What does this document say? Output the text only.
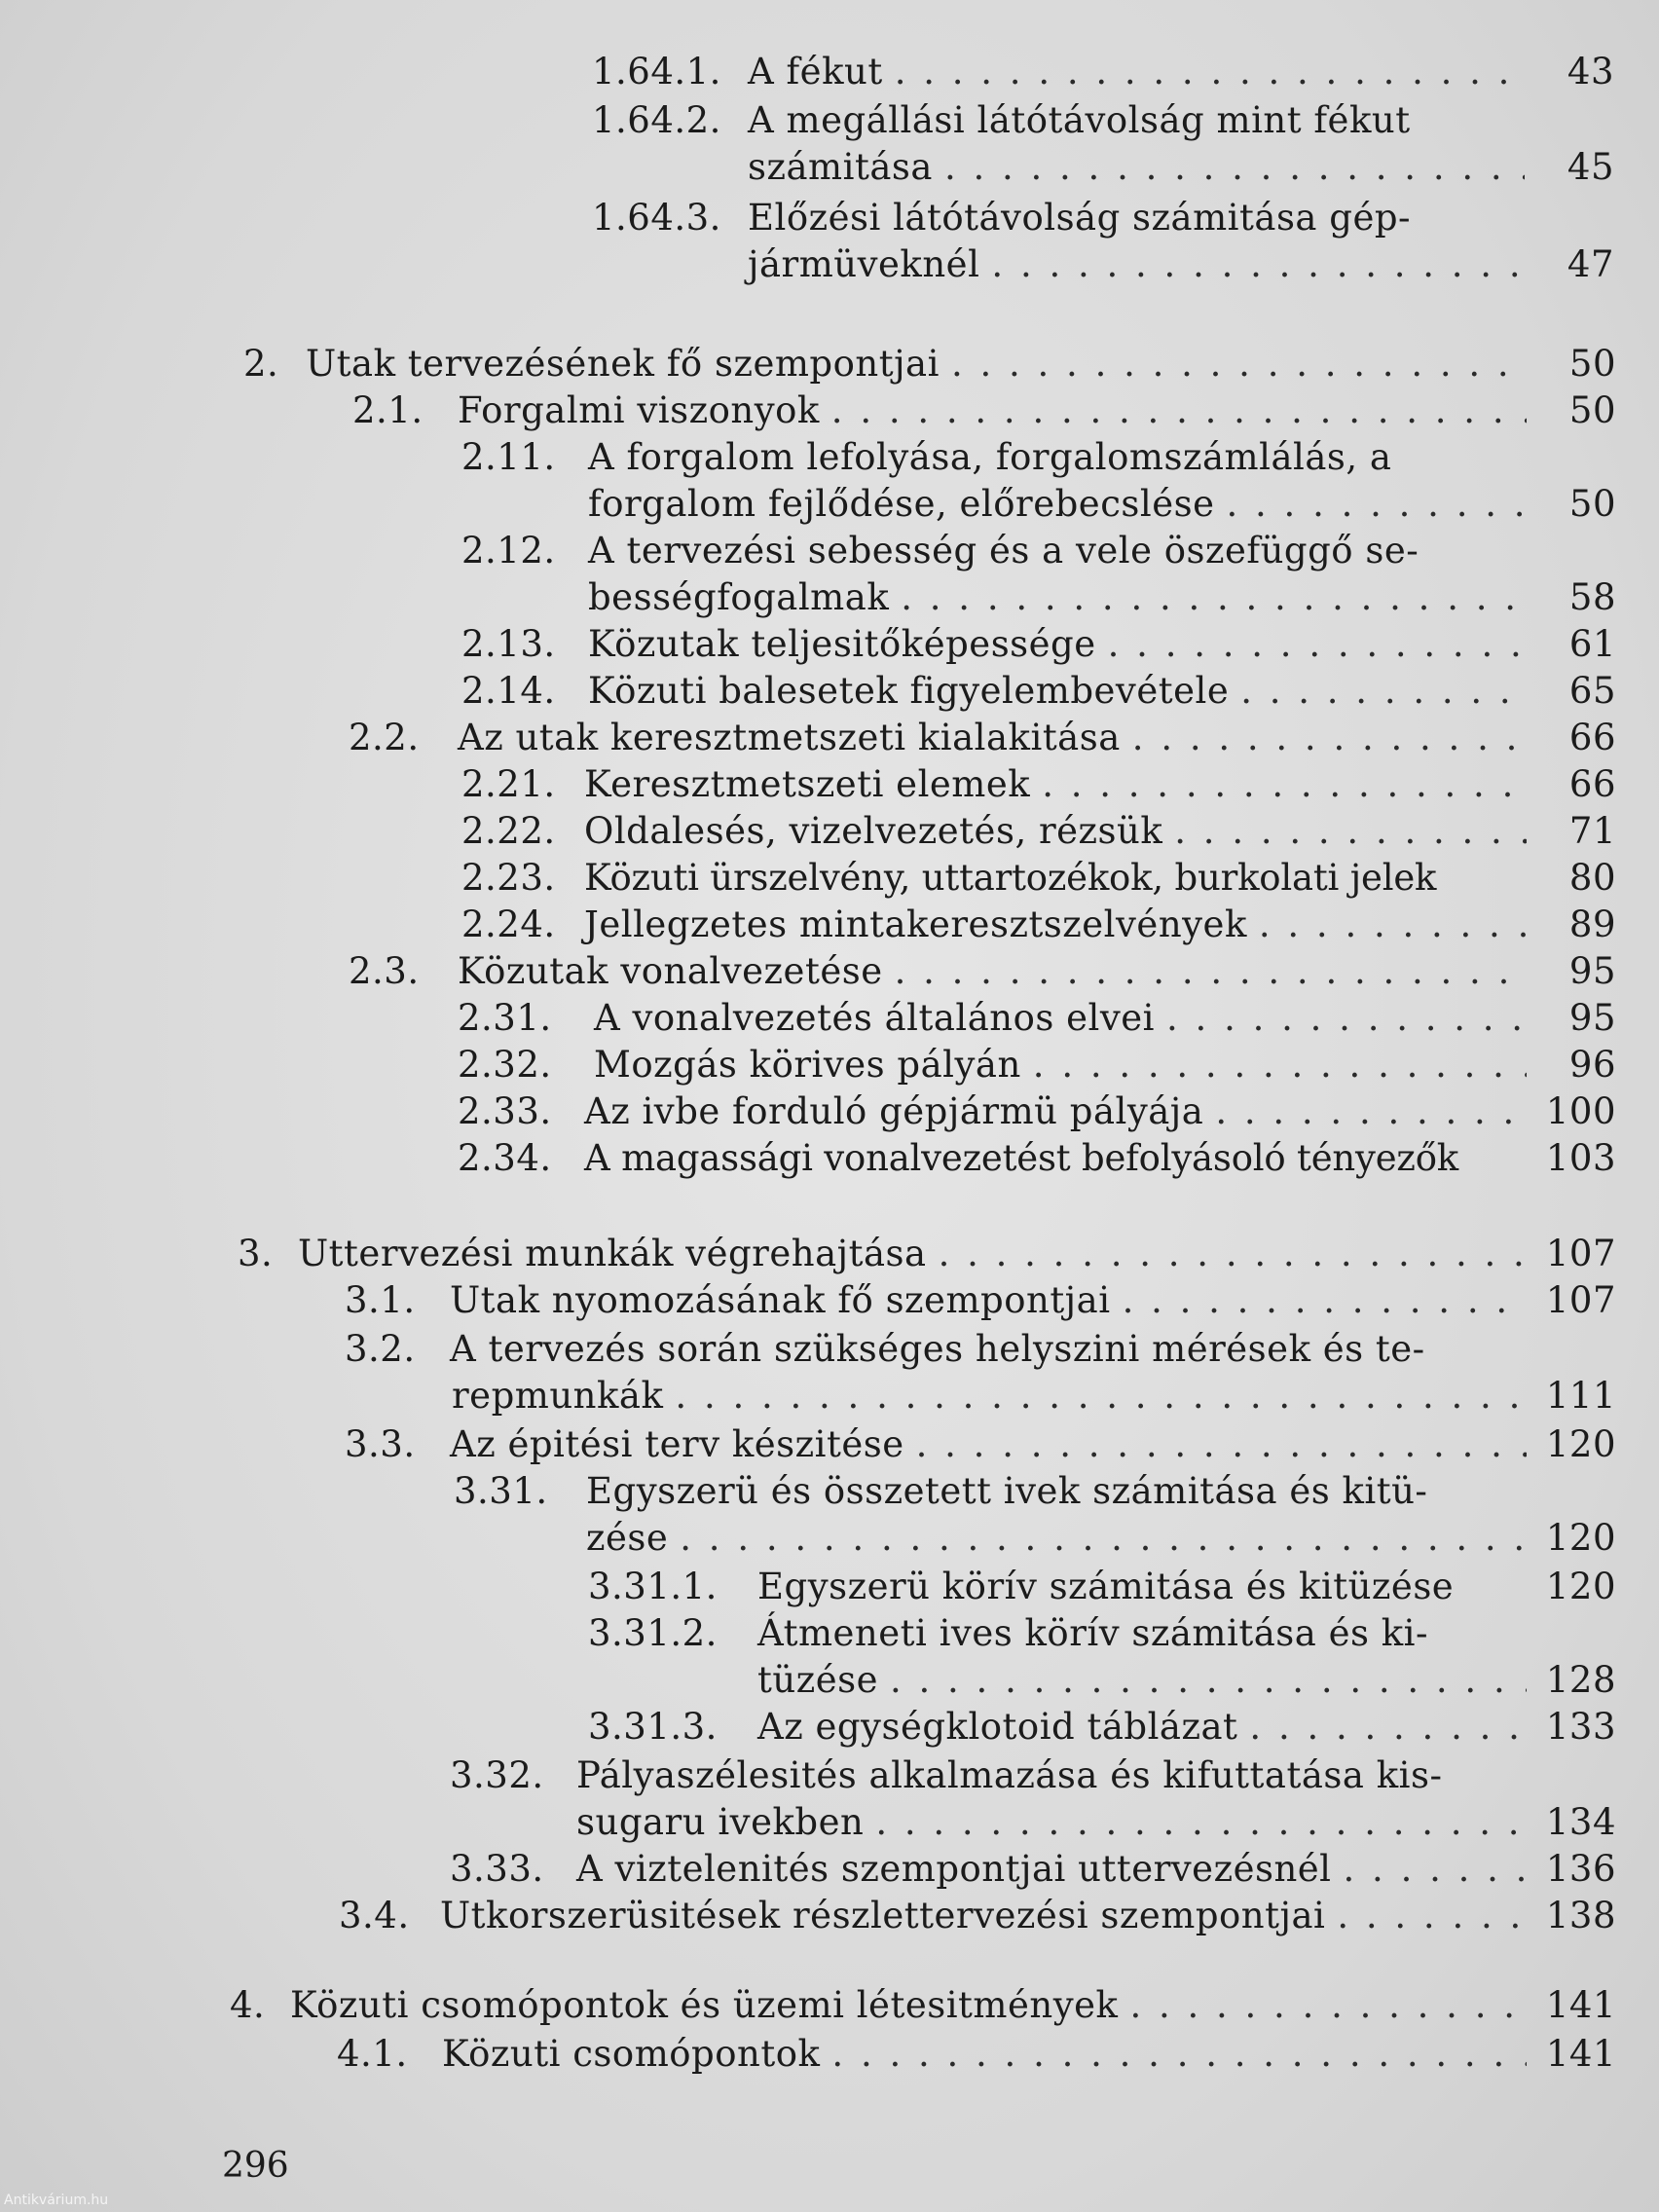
1.64.1. A fékut . . .	43
1.64.2. A megállási látótávolság mint fékut
számitása . . .	45
1.64.3. Előzési látótávolság számitása gép-
jármüveknél . . .	47
2. Utak tervezésének fő szempontjai . . .	50
2.1. Forgalmi viszonyok . . .	50
2.11. A forgalom lefolyása, forgalomszámlálás, a
forgalom fejlődése, előrebecslése . . .	50
2.12. A tervezési sebesség és a vele öszefüggő se-
bességfogalmak . . .	58
2.13. Közutak teljesitőképessége . . .	61
2.14. Közuti balesetek figyelembevétele . . .	65
2.2.	Az utak keresztmetszeti kialakitása . . .	66
2.21. Keresztmetszeti elemek . . .	66
2.22. Oldalesés, vizelvezetés, rézsük . . .	71
2.23. Közuti ürszelvény, uttartozékok, burkolati jelek	80
2.24. Jellegzetes mintakeresztszelvények . . .	89
2.3.	Közutak vonalvezetése . . .	95
2.31.	A vonalvezetés általános elvei . . .	95
2.32.	Mozgás körives pályán . . .	96
2.33. Az ivbe forduló gépjármü pályája . . .	100
2.34. A magassági vonalvezetést befolyásoló tényezők 103
3. Uttervezési munkák végrehajtása . . .	107
3.1. Utak nyomozásának fő szempontjai . . .	107
3.2. A tervezés során szükséges helyszini mérések és te-
repmunkák . . .	111
3.3. Az épitési terv készitése . . .	120
3.31.	Egyszerü és összetett ivek számitása és kitü-
zése . . .	120
3.31.1.	Egyszerü körív számitása és kitüzése	120
3.31.2.	Átmeneti ives körív számitása és ki-
tüzése . . .	128
3.31.3.	Az egységklotoid táblázat . . .	133
3.32. Pályaszélesités alkalmazása és kifuttatása kis-
sugaru ivekben . . .	134
3.33. A viztelenités szempontjai uttervezésnél . . .	136
3.4. Utkorszerüsitések részlettervezési szempontjai . . .	138
4. Közuti csomópontok és üzemi létesitmények . . .	141
4.1. Közuti csomópontok . . .	141
296
Antikvárium.hu
